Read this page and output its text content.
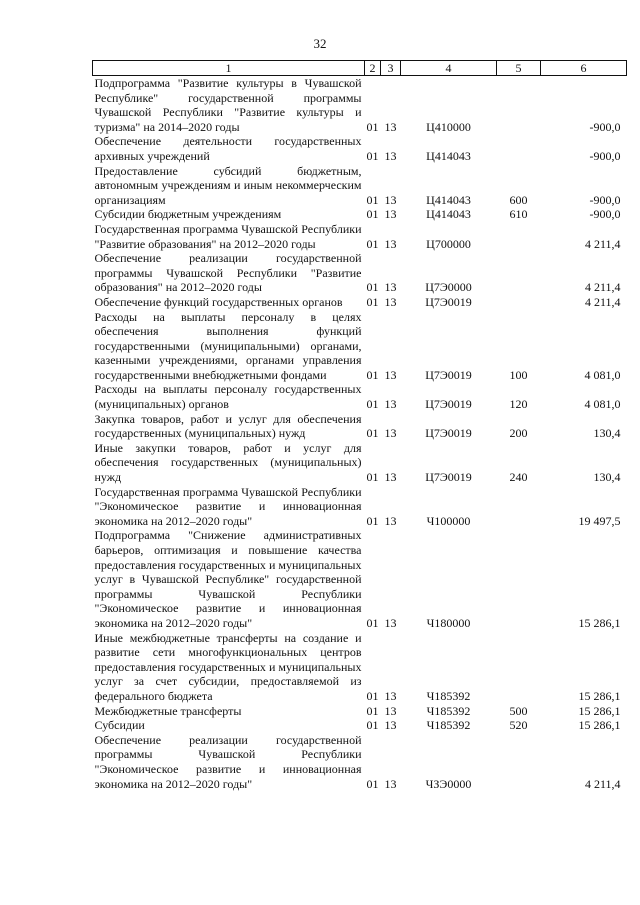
32
1	2	3	4	5	6
Подпрограмма "Развитие культуры в Чувашской Республике" государственной программы Чувашской Республики "Развитие культуры и туризма" на 2014–2020 годы	01	13	Ц410000		-900,0
Обеспечение деятельности государственных архивных учреждений	01	13	Ц414043		-900,0
Предоставление субсидий бюджетным, автономным учреждениям и иным некоммерческим организациям	01	13	Ц414043	600	-900,0
Субсидии бюджетным учреждениям	01	13	Ц414043	610	-900,0
Государственная программа Чувашской Республики "Развитие образования" на 2012–2020 годы	01	13	Ц700000		4 211,4
Обеспечение реализации государственной программы Чувашской Республики "Развитие образования" на 2012–2020 годы	01	13	Ц7Э0000		4 211,4
Обеспечение функций государственных органов	01	13	Ц7Э0019		4 211,4
Расходы на выплаты персоналу в целях обеспечения выполнения функций государственными (муниципальными) органами, казенными учреждениями, органами управления государственными внебюджетными фондами	01	13	Ц7Э0019	100	4 081,0
Расходы на выплаты персоналу государственных (муниципальных) органов	01	13	Ц7Э0019	120	4 081,0
Закупка товаров, работ и услуг для обеспечения государственных (муниципальных) нужд	01	13	Ц7Э0019	200	130,4
Иные закупки товаров, работ и услуг для обеспечения государственных (муниципальных) нужд	01	13	Ц7Э0019	240	130,4
Государственная программа Чувашской Республики "Экономическое развитие и инновационная экономика на 2012–2020 годы"	01	13	Ч100000		19 497,5
Подпрограмма "Снижение административных барьеров, оптимизация и повышение качества предоставления государственных и муниципальных услуг в Чувашской Республике" государственной программы Чувашской Республики "Экономическое развитие и инновационная экономика на 2012–2020 годы"	01	13	Ч180000		15 286,1
Иные межбюджетные трансферты на создание и развитие сети многофункциональных центров предоставления государственных и муниципальных услуг за счет субсидии, предоставляемой из федерального бюджета	01	13	Ч185392		15 286,1
Межбюджетные трансферты	01	13	Ч185392	500	15 286,1
Субсидии	01	13	Ч185392	520	15 286,1
Обеспечение реализации государственной программы Чувашской Республики "Экономическое развитие и инновационная экономика на 2012–2020 годы"	01	13	ЧЗЭ0000		4 211,4
